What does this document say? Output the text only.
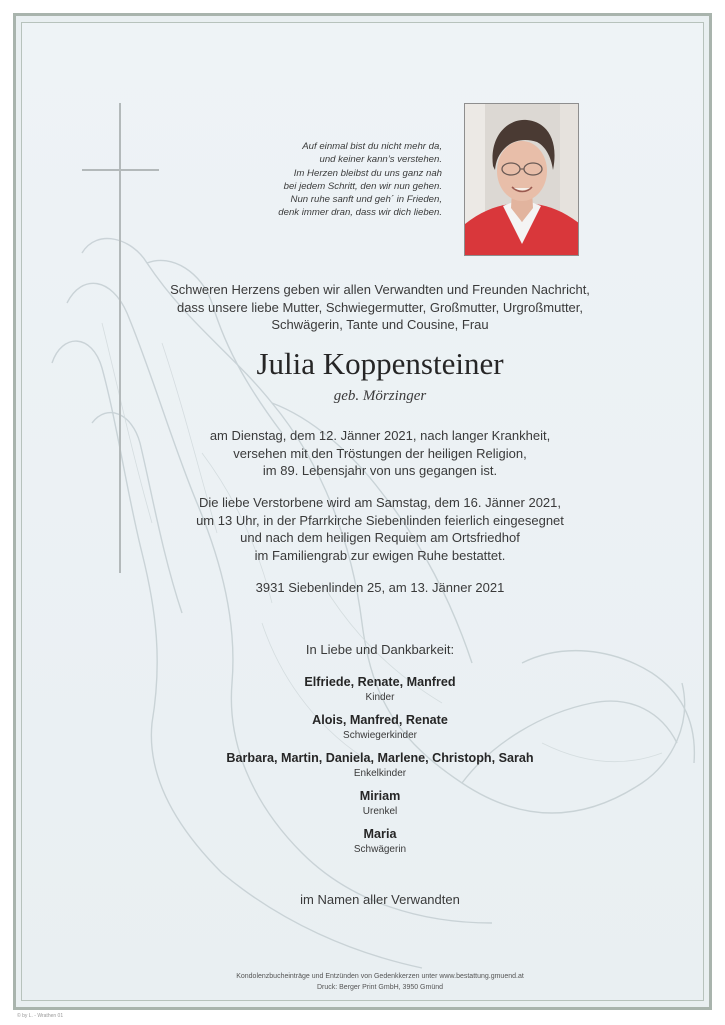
Auf einmal bist du nicht mehr da,
und keiner kann’s verstehen.
Im Herzen bleibst du uns ganz nah
bei jedem Schritt, den wir nun gehen.
Nun ruhe sanft und geh´ in Frieden,
denk immer dran, dass wir dich lieben.
Schweren Herzens geben wir allen Verwandten und Freunden Nachricht,
dass unsere liebe Mutter, Schwiegermutter, Großmutter, Urgroßmutter,
Schwägerin, Tante und Cousine, Frau
Julia Koppensteiner
geb. Mörzinger
am Dienstag, dem 12. Jänner 2021, nach langer Krankheit,
versehen mit den Tröstungen der heiligen Religion,
im 89. Lebensjahr von uns gegangen ist.
Die liebe Verstorbene wird am Samstag, dem 16. Jänner 2021,
um 13 Uhr, in der Pfarrkirche Siebenlinden feierlich eingesegnet
und nach dem heiligen Requiem am Ortsfriedhof
im Familiengrab zur ewigen Ruhe bestattet.
3931 Siebenlinden 25, am 13. Jänner 2021
In Liebe und Dankbarkeit:
Elfriede, Renate, Manfred
Kinder
Alois, Manfred, Renate
Schwiegerkinder
Barbara, Martin, Daniela, Marlene, Christoph, Sarah
Enkelkinder
Miriam
Urenkel
Maria
Schwägerin
im Namen aller Verwandten
Kondolenzbucheinträge und Entzünden von Gedenkkerzen unter www.bestattung.gmuend.at
Druck: Berger Print GmbH, 3950 Gmünd
© by L. - Wrathen 01
